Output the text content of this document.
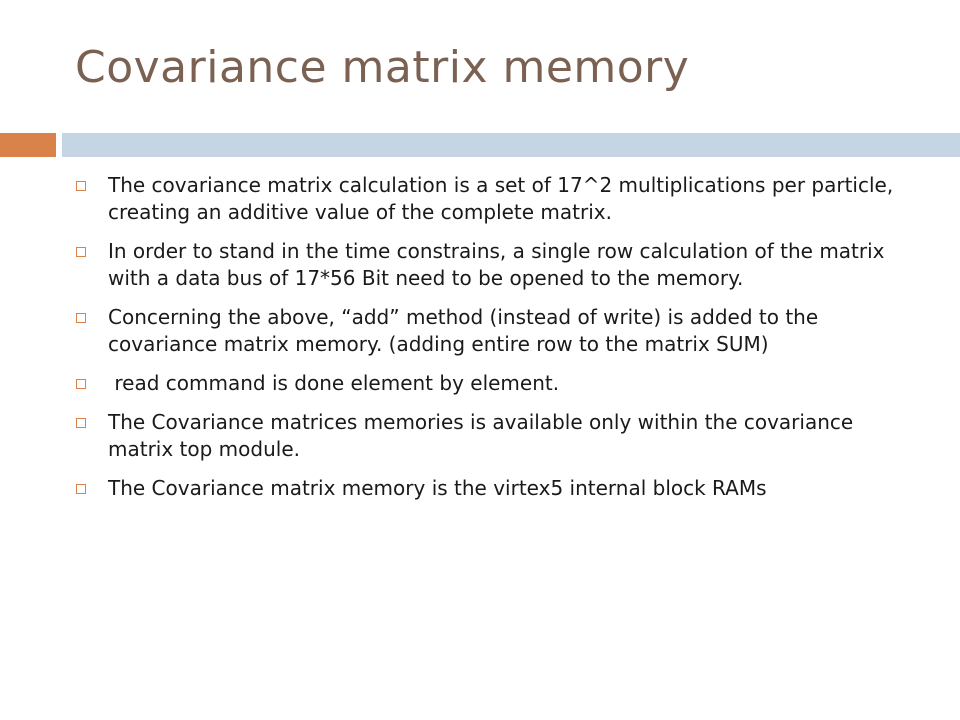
Covariance matrix memory
The covariance matrix calculation is a set of 17^2 multiplications per particle, creating an additive value of the complete matrix.
In order to stand in the time constrains, a single row calculation of the matrix with a data bus of 17*56 Bit need to be opened to the memory.
Concerning the above, “add” method (instead of write) is added to the covariance matrix memory. (adding entire row to the matrix SUM)
read command is done element by element.
The Covariance matrices memories is available only within the covariance matrix top module.
The Covariance matrix memory is the virtex5 internal block RAMs
